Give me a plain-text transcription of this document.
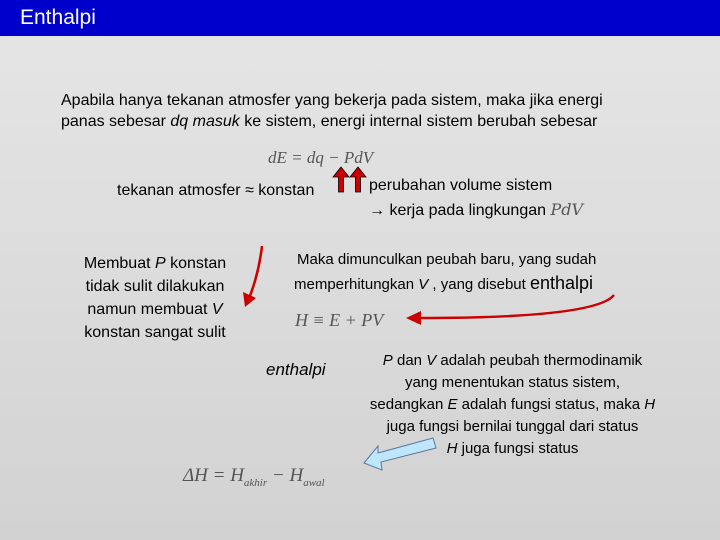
Enthalpi
Apabila hanya tekanan atmosfer yang bekerja pada sistem, maka jika energi
panas sebesar dq masuk ke sistem, energi internal sistem berubah sebesar
dE = dq − PdV
tekanan atmosfer ≈ konstan	perubahan volume sistem
→ kerja pada lingkungan PdV
Membuat P konstan
tidak sulit dilakukan
namun membuat V
konstan sangat sulit
Maka dimunculkan peubah baru, yang sudah
memperhitungkan V , yang disebut enthalpi
H ≡ E + PV
enthalpi	P dan V adalah peubah thermodinamik
yang menentukan status sistem,
sedangkan E adalah fungsi status, maka H
juga fungsi bernilai tunggal dari status
H juga fungsi status
$\Delta H = H_{akhir} - H_{awal}$
